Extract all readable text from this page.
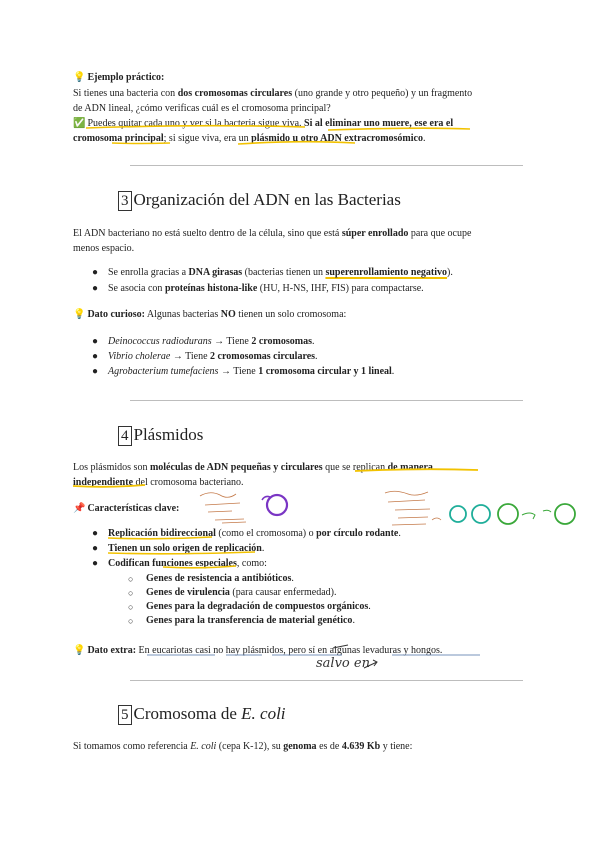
💡 Ejemplo práctico:
Si tienes una bacteria con dos cromosomas circulares (uno grande y otro pequeño) y un fragmento
de ADN lineal, ¿cómo verificas cuál es el cromosoma principal?
✅ Puedes quitar cada uno y ver si la bacteria sigue viva. Si al eliminar uno muere, ese era el
cromosoma principal; si sigue viva, era un plásmido u otro ADN extracromosómico.
3 Organización del ADN en las Bacterias
El ADN bacteriano no está suelto dentro de la célula, sino que está súper enrollado para que ocupe
menos espacio.
● Se enrolla gracias a DNA girasas (bacterias tienen un superenrollamiento negativo).
● Se asocia con proteínas histona-like (HU, H-NS, IHF, FIS) para compactarse.
💡 Dato curioso: Algunas bacterias NO tienen un solo cromosoma:
● Deinococcus radiodurans → Tiene 2 cromosomas.
● Vibrio cholerae → Tiene 2 cromosomas circulares.
● Agrobacterium tumefaciens → Tiene 1 cromosoma circular y 1 lineal.
4 Plásmidos
Los plásmidos son moléculas de ADN pequeñas y circulares que se replican de manera
independiente del cromosoma bacteriano.
📌 Características clave:
● Replicación bidireccional (como el cromosoma) o por círculo rodante.
● Tienen un solo origen de replicación.
● Codifican funciones especiales, como:
○ Genes de resistencia a antibióticos.
○ Genes de virulencia (para causar enfermedad).
○ Genes para la degradación de compuestos orgánicos.
○ Genes para la transferencia de material genético.
💡 Dato extra: En eucariotas casi no hay plásmidos, pero sí en algunas levaduras y hongos.
salvo en
5 Cromosoma de E. coli
Si tomamos como referencia E. coli (cepa K-12), su genoma es de 4.639 Kb y tiene:
